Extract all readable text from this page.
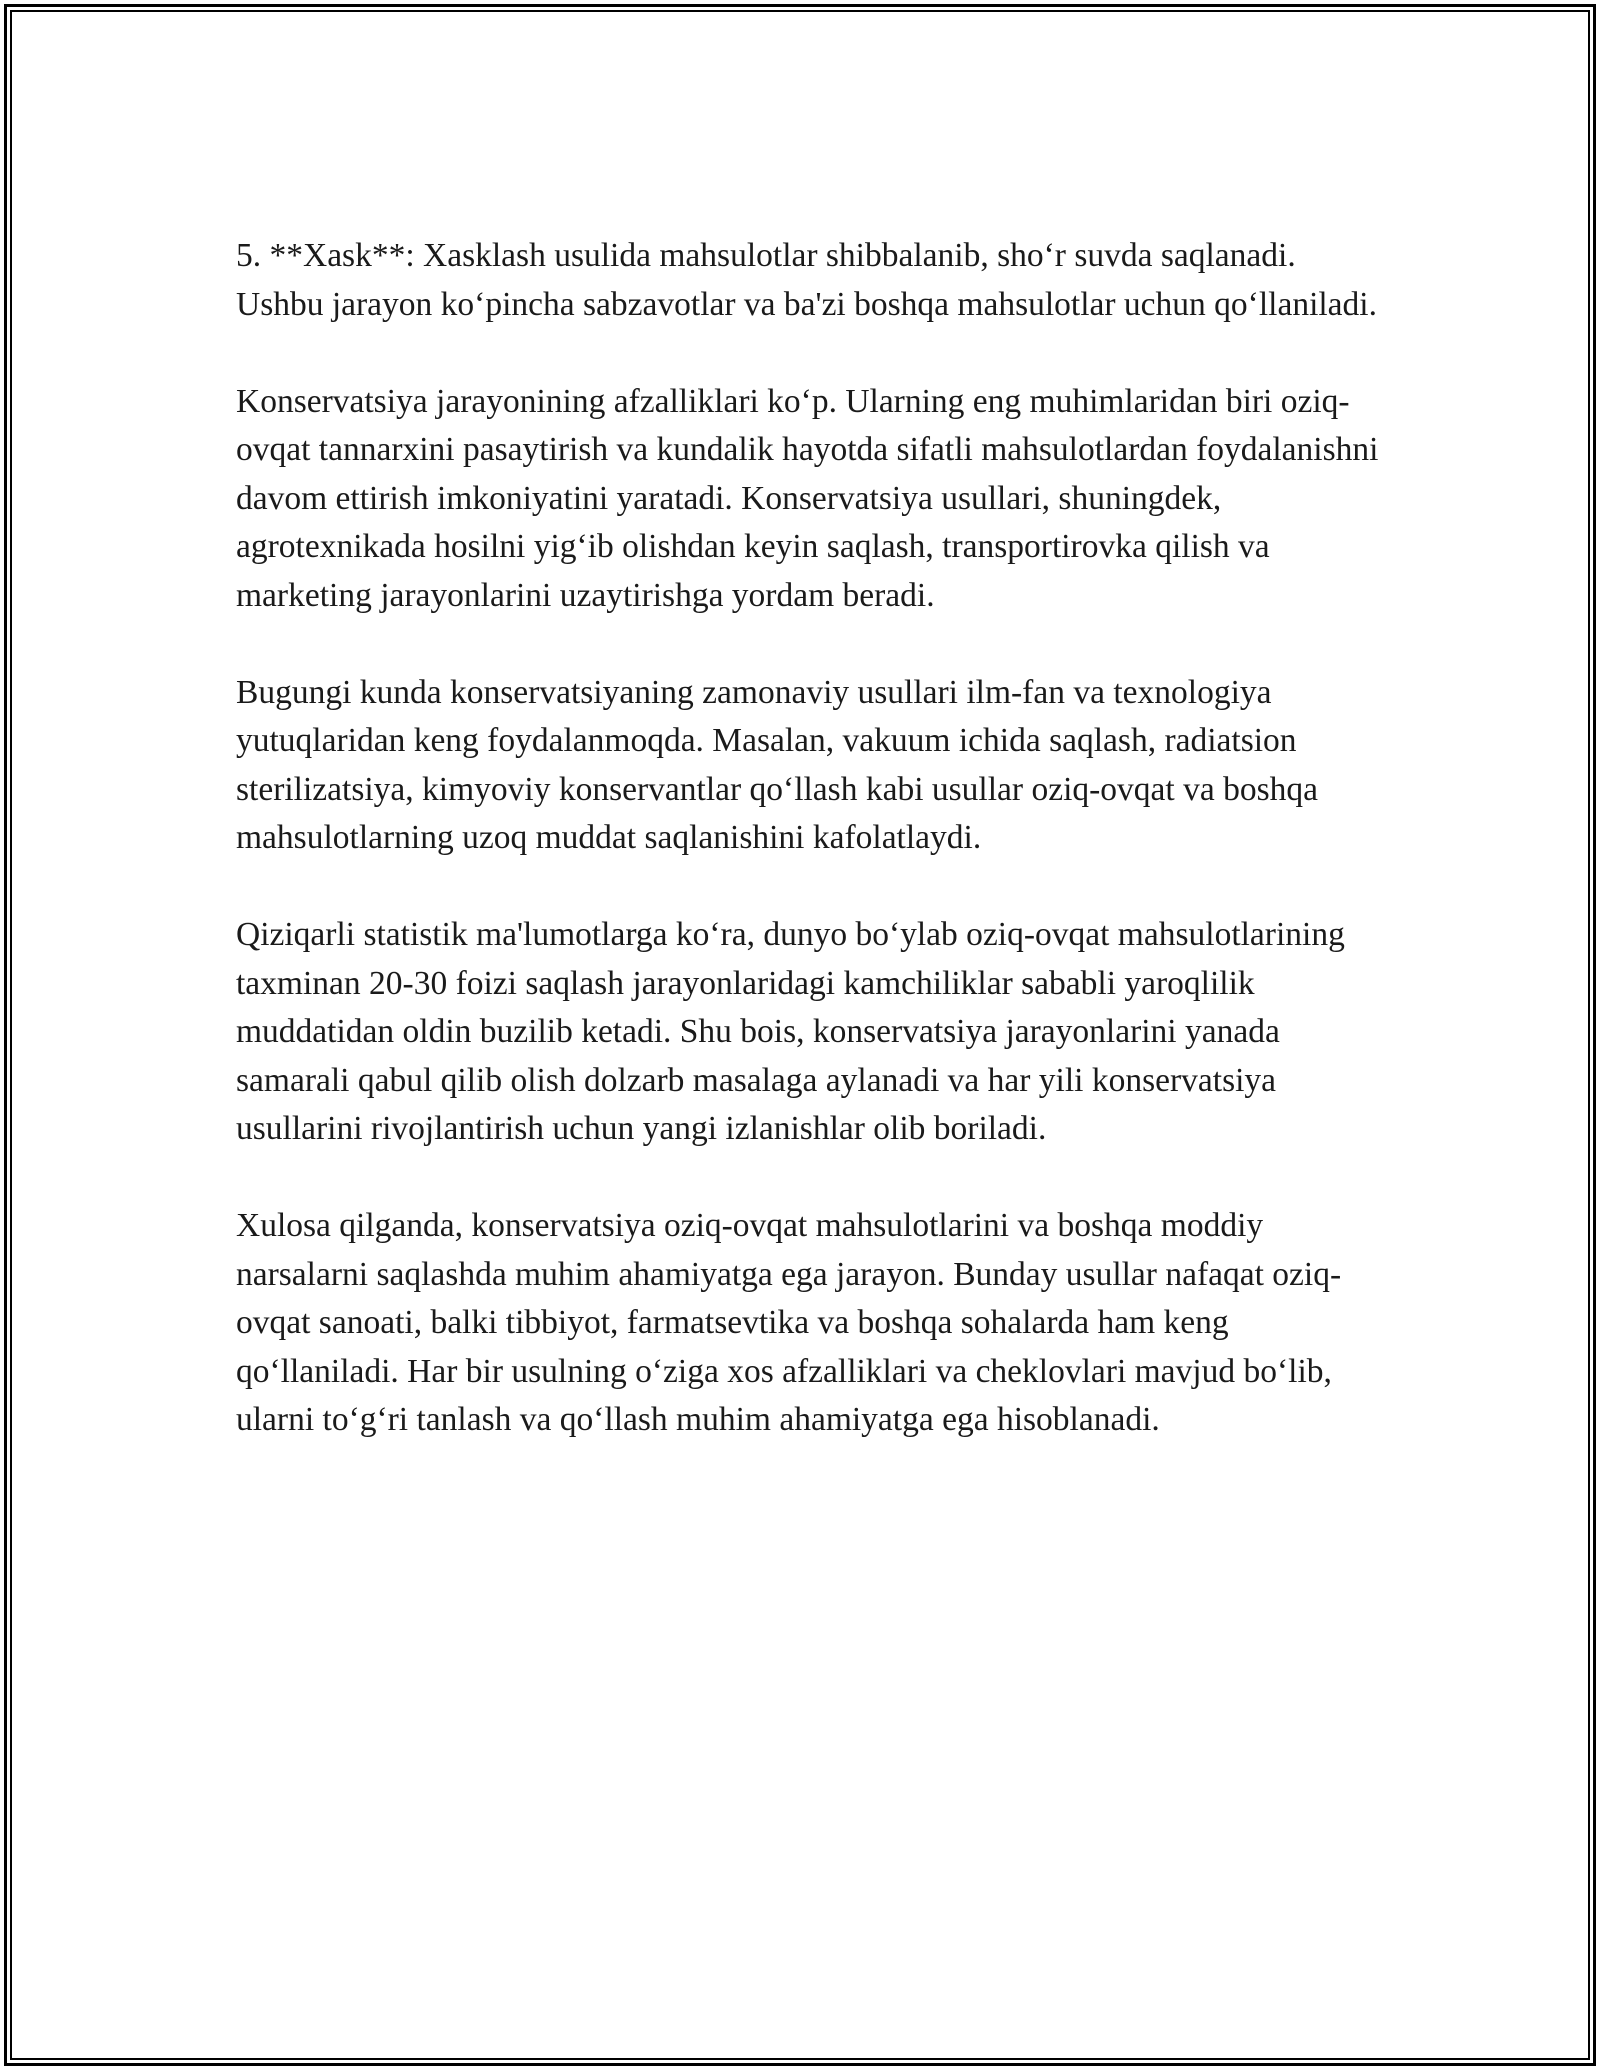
5. **Xask**: Xasklash usulida mahsulotlar shibbalanib, sho‘r suvda saqlanadi. Ushbu jarayon ko‘pincha sabzavotlar va ba'zi boshqa mahsulotlar uchun qo‘llaniladi.

Konservatsiya jarayonining afzalliklari ko‘p. Ularning eng muhimlaridan biri oziq-ovqat tannarxini pasaytirish va kundalik hayotda sifatli mahsulotlardan foydalanishni davom ettirish imkoniyatini yaratadi. Konservatsiya usullari, shuningdek, agrotexnikada hosilni yig‘ib olishdan keyin saqlash, transportirovka qilish va marketing jarayonlarini uzaytirishga yordam beradi.

Bugungi kunda konservatsiyaning zamonaviy usullari ilm-fan va texnologiya yutuqlaridan keng foydalanmoqda. Masalan, vakuum ichida saqlash, radiatsion sterilizatsiya, kimyoviy konservantlar qo‘llash kabi usullar oziq-ovqat va boshqa mahsulotlarning uzoq muddat saqlanishini kafolatlaydi.

Qiziqarli statistik ma'lumotlarga ko‘ra, dunyo bo‘ylab oziq-ovqat mahsulotlarining taxminan 20-30 foizi saqlash jarayonlaridagi kamchiliklar sababli yaroqlilik muddatidan oldin buzilib ketadi. Shu bois, konservatsiya jarayonlarini yanada samarali qabul qilib olish dolzarb masalaga aylanadi va har yili konservatsiya usullarini rivojlantirish uchun yangi izlanishlar olib boriladi.

Xulosa qilganda, konservatsiya oziq-ovqat mahsulotlarini va boshqa moddiy narsalarni saqlashda muhim ahamiyatga ega jarayon. Bunday usullar nafaqat oziq-ovqat sanoati, balki tibbiyot, farmatsevtika va boshqa sohalarda ham keng qo‘llaniladi. Har bir usulning o‘ziga xos afzalliklari va cheklovlari mavjud bo‘lib, ularni to‘g‘ri tanlash va qo‘llash muhim ahamiyatga ega hisoblanadi.
